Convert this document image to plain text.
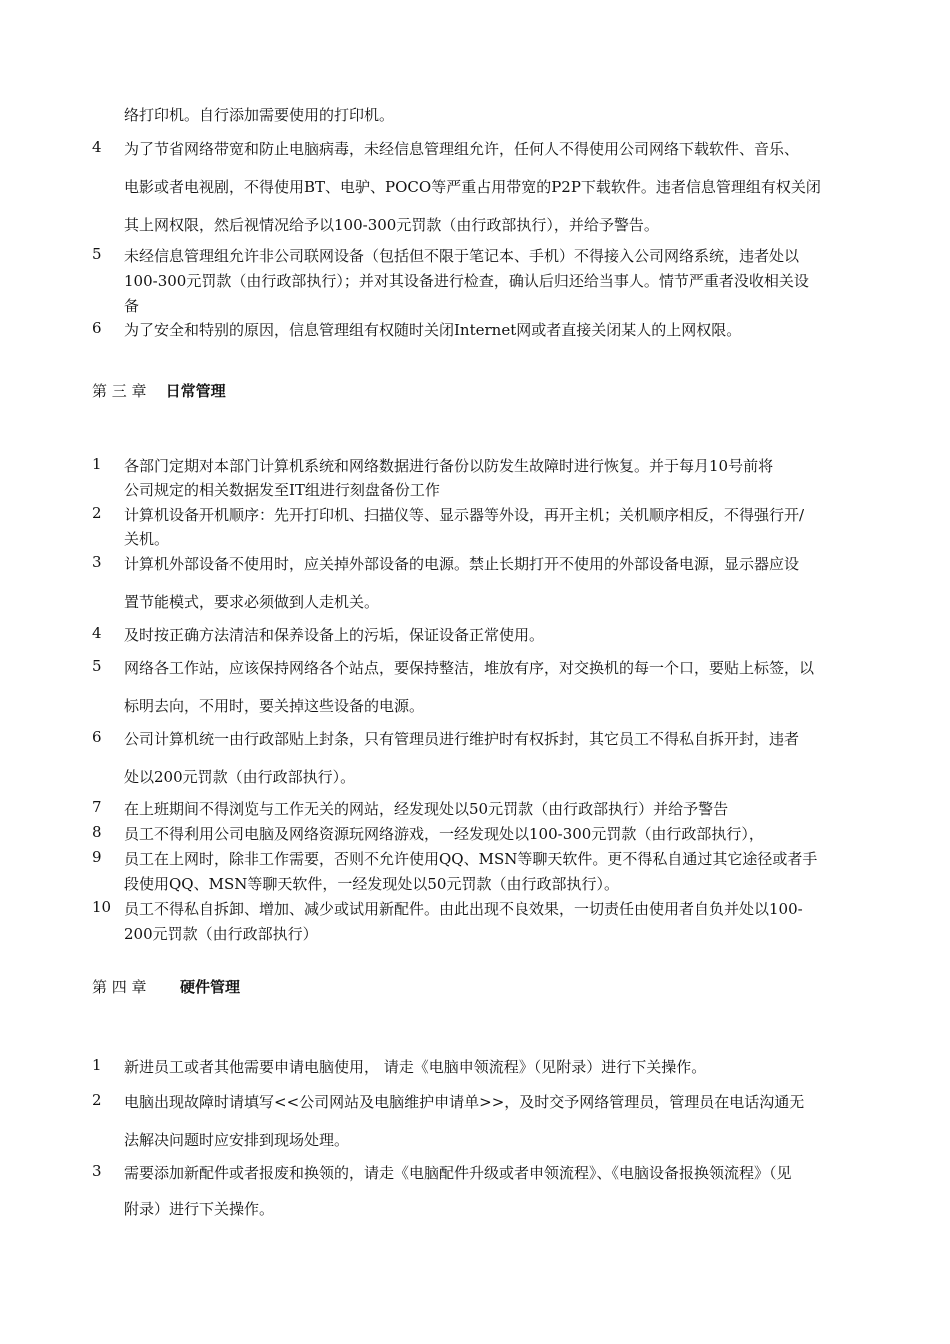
络打印机。自行添加需要使用的打印机。
4 为了节省网络带宽和防止电脑病毒，未经信息管理组允许，任何人不得使用公司网络下载软件、音乐、
电影或者电视剧，不得使用BT、电驴、POCO等严重占用带宽的P2P下载软件。违者信息管理组有权关闭
其上网权限，然后视情况给予以100-300元罚款（由行政部执行），并给予警告。
5 未经信息管理组允许非公司联网设备（包括但不限于笔记本、手机）不得接入公司网络系统，违者处以
100-300元罚款（由行政部执行）；并对其设备进行检查，确认后归还给当事人。情节严重者没收相关设
备
6 为了安全和特别的原因，信息管理组有权随时关闭Internet网或者直接关闭某人的上网权限。
第 三 章 日常管理
1 各部门定期对本部门计算机系统和网络数据进行备份以防发生故障时进行恢复。并于每月10号前将
公司规定的相关数据发至IT组进行刻盘备份工作
2 计算机设备开机顺序：先开打印机、扫描仪等、显示器等外设，再开主机；关机顺序相反，不得强行开/
关机。
3 计算机外部设备不使用时，应关掉外部设备的电源。禁止长期打开不使用的外部设备电源，显示器应设
置节能模式，要求必须做到人走机关。
4 及时按正确方法清洁和保养设备上的污垢，保证设备正常使用。
5 网络各工作站，应该保持网络各个站点，要保持整洁，堆放有序，对交换机的每一个口，要贴上标签，以
标明去向，不用时，要关掉这些设备的电源。
6 公司计算机统一由行政部贴上封条，只有管理员进行维护时有权拆封，其它员工不得私自拆开封，违者
处以200元罚款（由行政部执行）。
7 在上班期间不得浏览与工作无关的网站，经发现处以50元罚款（由行政部执行）并给予警告
8 员工不得利用公司电脑及网络资源玩网络游戏，一经发现处以100-300元罚款（由行政部执行），
9 员工在上网时，除非工作需要，否则不允许使用QQ、MSN等聊天软件。更不得私自通过其它途径或者手
段使用QQ、MSN等聊天软件，一经发现处以50元罚款（由行政部执行）。
10 员工不得私自拆卸、增加、减少或试用新配件。由此出现不良效果，一切责任由使用者自负并处以100-
200元罚款（由行政部执行）
第 四 章 硬件管理
1 新进员工或者其他需要申请电脑使用， 请走《电脑申领流程》（见附录）进行下关操作。
2 电脑出现故障时请填写<<公司网站及电脑维护申请单>>，及时交予网络管理员，管理员在电话沟通无
法解决问题时应安排到现场处理。
3 需要添加新配件或者报废和换领的，请走《电脑配件升级或者申领流程》、《电脑设备报换领流程》（见
附录）进行下关操作。
